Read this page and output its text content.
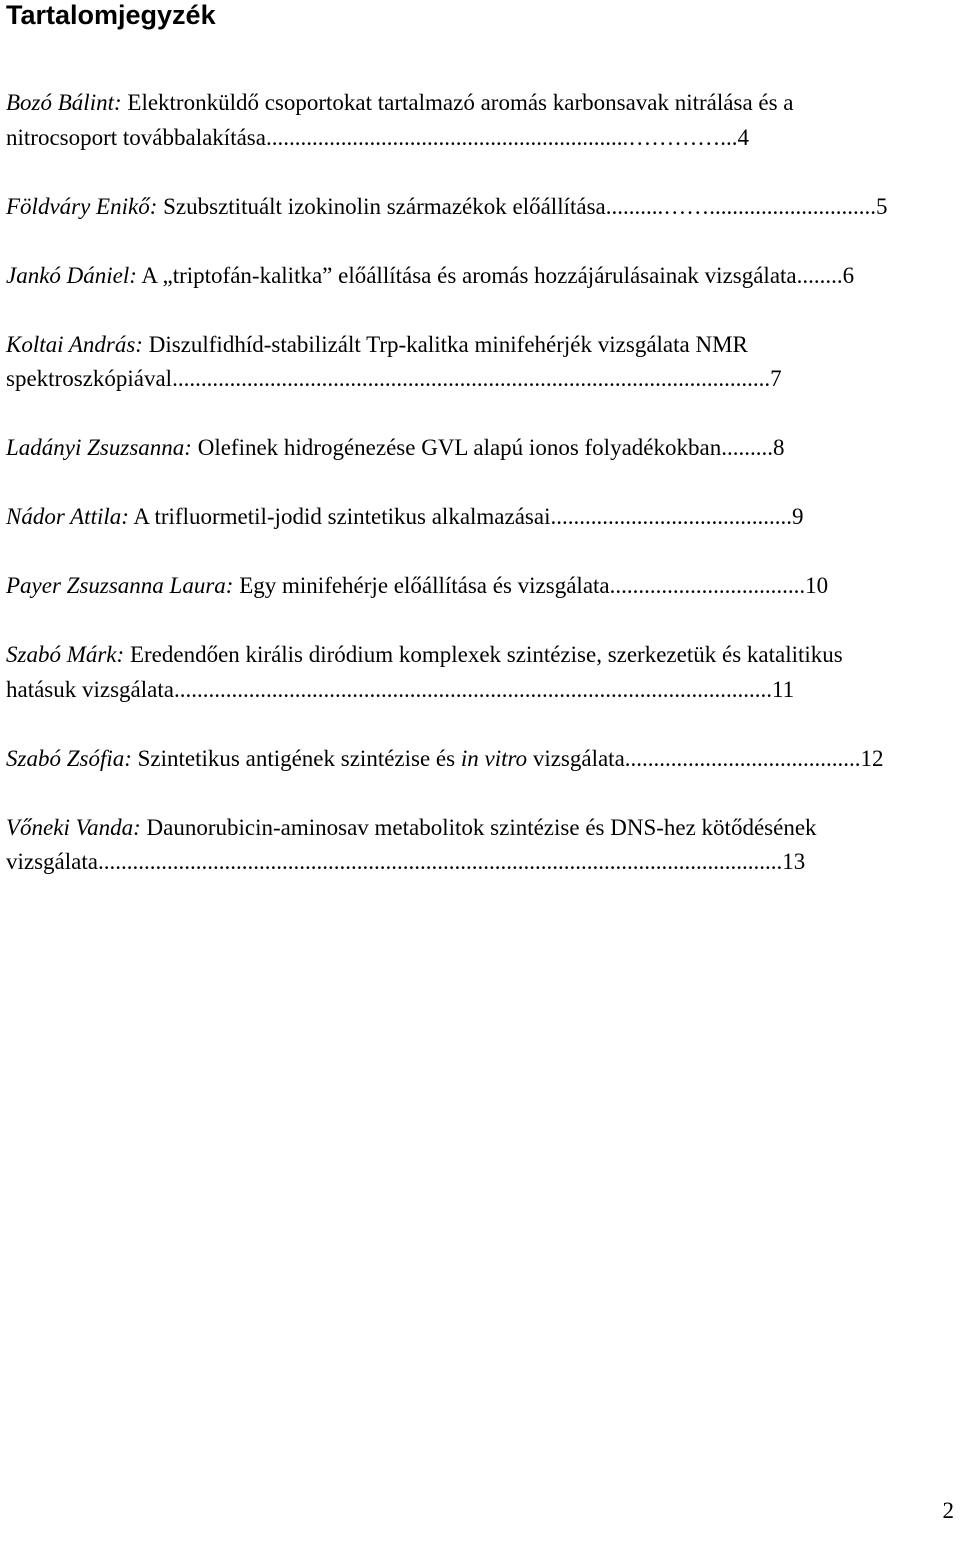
Tartalomjegyzék

Bozó Bálint: Elektronküldő csoportokat tartalmazó aromás karbonsavak nitrálása és a
nitrocsoport továbbalakítása...............................................................…………...4

Földváry Enikő: Szubsztituált izokinolin származékok előállítása..........…….............................5

Jankó Dániel: A „triptofán-kalitka” előállítása és aromás hozzájárulásainak vizsgálata........6

Koltai András: Diszulfidhíd-stabilizált Trp-kalitka minifehérjék vizsgálata NMR
spektroszkópiával........................................................................................................7

Ladányi Zsuzsanna: Olefinek hidrogénezése GVL alapú ionos folyadékokban.........8

Nádor Attila: A trifluormetil-jodid szintetikus alkalmazásai..........................................9

Payer Zsuzsanna Laura: Egy minifehérje előállítása és vizsgálata..................................10

Szabó Márk: Eredendően királis diródium komplexek szintézise, szerkezetük és katalitikus
hatásuk vizsgálata........................................................................................................11

Szabó Zsófia: Szintetikus antigének szintézise és in vitro vizsgálata.........................................12

Vőneki Vanda: Daunorubicin-aminosav metabolitok szintézise és DNS-hez kötődésének
vizsgálata.......................................................................................................................13

2
